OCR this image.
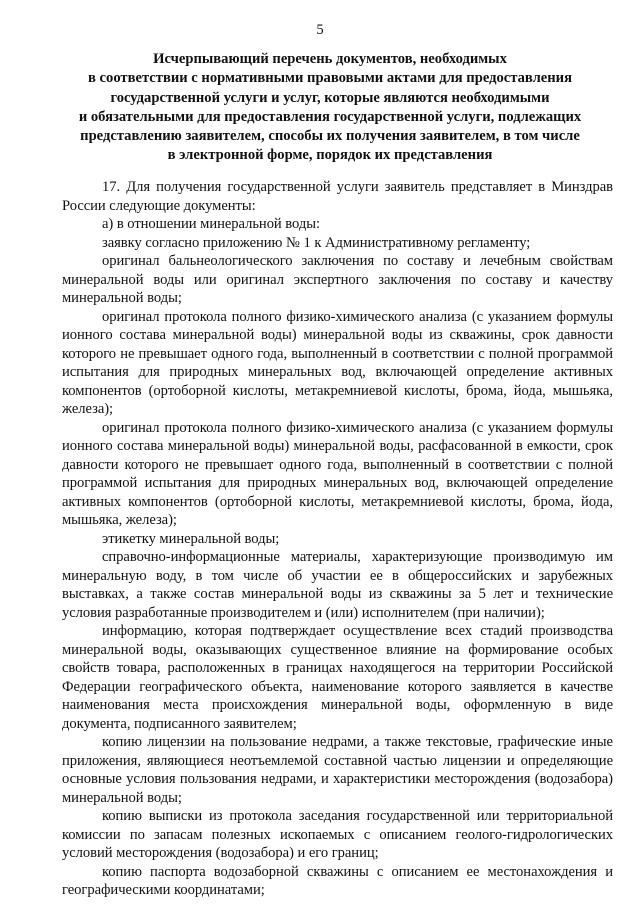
5
Исчерпывающий перечень документов, необходимых
в соответствии с нормативными правовыми актами для предоставления
государственной услуги и услуг, которые являются необходимыми
и обязательными для предоставления государственной услуги, подлежащих
представлению заявителем, способы их получения заявителем, в том числе
в электронной форме, порядок их представления

17. Для получения государственной услуги заявитель представляет в Минздрав России следующие документы:

а) в отношении минеральной воды:

заявку согласно приложению № 1 к Административному регламенту;

оригинал бальнеологического заключения по составу и лечебным свойствам минеральной воды или оригинал экспертного заключения по составу и качеству минеральной воды;

оригинал протокола полного физико-химического анализа (с указанием формулы ионного состава минеральной воды) минеральной воды из скважины, срок давности которого не превышает одного года, выполненный в соответствии с полной программой испытания для природных минеральных вод, включающей определение активных компонентов (ортоборной кислоты, метакремниевой кислоты, брома, йода, мышьяка, железа);

оригинал протокола полного физико-химического анализа (с указанием формулы ионного состава минеральной воды) минеральной воды, расфасованной в емкости, срок давности которого не превышает одного года, выполненный в соответствии с полной программой испытания для природных минеральных вод, включающей определение активных компонентов (ортоборной кислоты, метакремниевой кислоты, брома, йода, мышьяка, железа);

этикетку минеральной воды;

справочно-информационные материалы, характеризующие производимую им минеральную воду, в том числе об участии ее в общероссийских и зарубежных выставках, а также состав минеральной воды из скважины за 5 лет и технические условия разработанные производителем и (или) исполнителем (при наличии);

информацию, которая подтверждает осуществление всех стадий производства минеральной воды, оказывающих существенное влияние на формирование особых свойств товара, расположенных в границах находящегося на территории Российской Федерации географического объекта, наименование которого заявляется в качестве наименования места происхождения минеральной воды, оформленную в виде документа, подписанного заявителем;

копию лицензии на пользование недрами, а также текстовые, графические иные приложения, являющиеся неотъемлемой составной частью лицензии и определяющие основные условия пользования недрами, и характеристики месторождения (водозабора) минеральной воды;

копию выписки из протокола заседания государственной или территориальной комиссии по запасам полезных ископаемых с описанием геолого-гидрологических условий месторождения (водозабора) и его границ;

копию паспорта водозаборной скважины с описанием ее местонахождения и географическими координатами;
